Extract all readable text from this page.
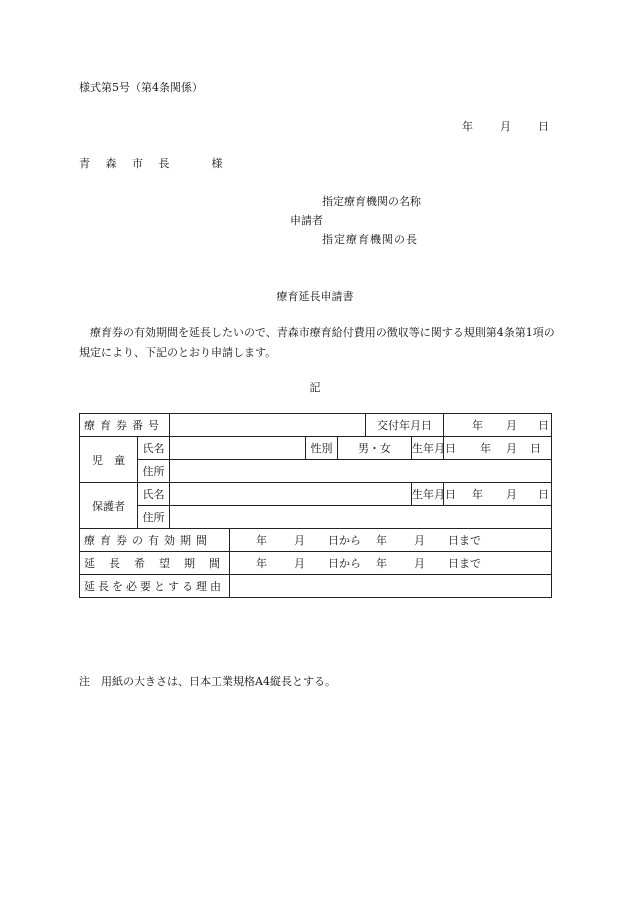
様式第5号（第4条関係）
年 月 日
青 森 市 長 　 様
指定療育機関の名称
申請者
指定療育機関の長
療育延長申請書
　療育券の有効期間を延長したいので、青森市療育給付費用の徴収等に関する規則第4条第1項の規定により、下記のとおり申請します。
記
療育券番号						交付年月日		年 月 日
児　童	氏名			性別	男・女		生年月日	年 月 日
	住所							
保護者	氏名						生年月日	年 月 日
	住所							
療育券の有効期間			年 月 日から 年 月 日まで					
延長希望期間			年 月 日から 年 月 日まで					
延長を必要とする理由								
注　用紙の大きさは、日本工業規格A4縦長とする。
